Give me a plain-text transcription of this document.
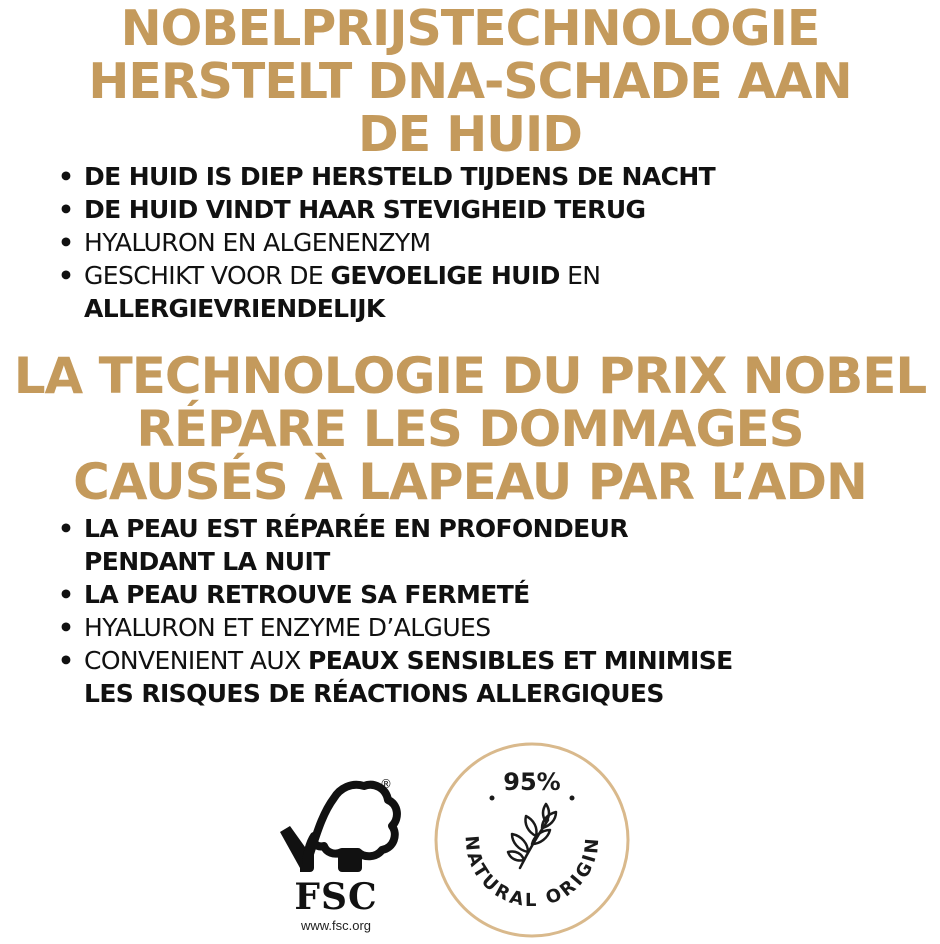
NOBELPRIJSTECHNOLOGIE
HERSTELT DNA-SCHADE AAN
DE HUID
• DE HUID IS DIEP HERSTELD TIJDENS DE NACHT
• DE HUID VINDT HAAR STEVIGHEID TERUG
• HYALURON EN ALGENENZYM
• GESCHIKT VOOR DE GEVOELIGE HUID EN
ALLERGIEVRIENDELIJK
LA TECHNOLOGIE DU PRIX NOBEL
RÉPARE LES DOMMAGES
CAUSÉS À LAPEAU PAR L’ADN
• LA PEAU EST RÉPARÉE EN PROFONDEUR
PENDANT LA NUIT
• LA PEAU RETROUVE SA FERMETÉ
• HYALURON ET ENZYME D’ALGUES
• CONVENIENT AUX PEAUX SENSIBLES ET MINIMISE
LES RISQUES DE RÉACTIONS ALLERGIQUES
®
FSC
www.fsc.org
95%
NATURAL ORIGIN
